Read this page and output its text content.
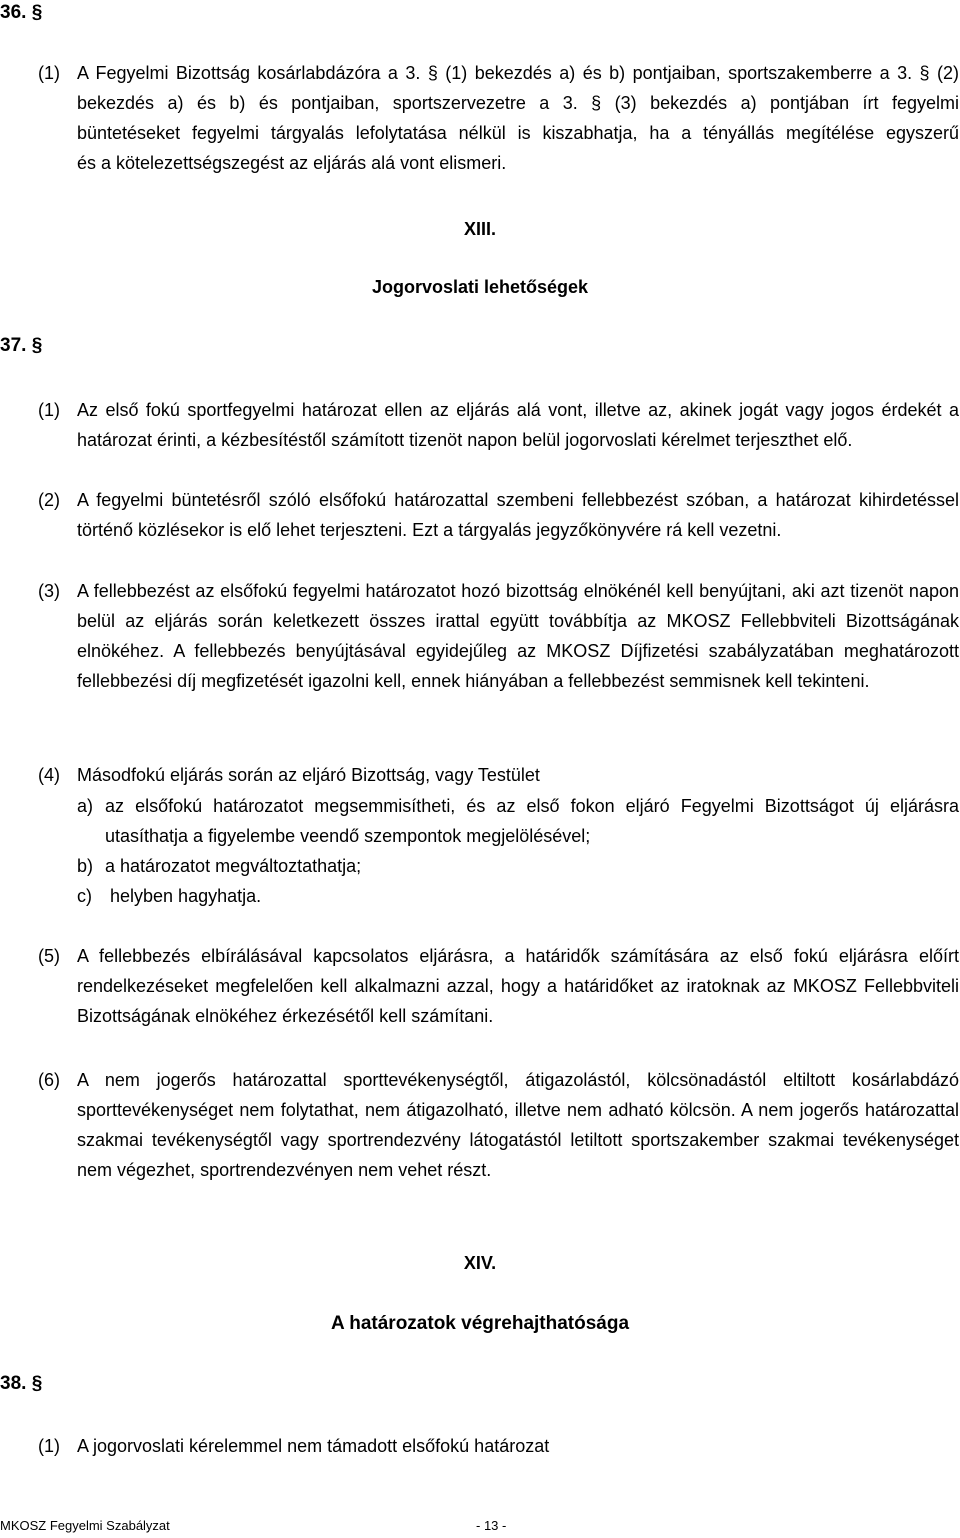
36. §
(1) A Fegyelmi Bizottság kosárlabdázóra a 3. § (1) bekezdés a) és b) pontjaiban, sportszakemberre a 3. § (2)
bekezdés a) és b) és pontjaiban, sportszervezetre a 3. § (3) bekezdés a) pontjában írt fegyelmi
büntetéseket fegyelmi tárgyalás lefolytatása nélkül is kiszabhatja, ha a tényállás megítélése egyszerű
és a kötelezettségszegést az eljárás alá vont elismeri.
XIII.
Jogorvoslati lehetőségek
37. §
(1) Az első fokú sportfegyelmi határozat ellen az eljárás alá vont, illetve az, akinek jogát vagy jogos érdekét a határozat érinti, a kézbesítéstől számított tizenöt napon belül jogorvoslati kérelmet terjeszthet elő.
(2) A fegyelmi büntetésről szóló elsőfokú határozattal szembeni fellebbezést szóban, a határozat kihirdetéssel történő közlésekor is elő lehet terjeszteni. Ezt a tárgyalás jegyzőkönyvére rá kell vezetni.
(3) A fellebbezést az elsőfokú fegyelmi határozatot hozó bizottság elnökénél kell benyújtani, aki azt tizenöt napon belül az eljárás során keletkezett összes irattal együtt továbbítja az MKOSZ Fellebbviteli Bizottságának elnökéhez. A fellebbezés benyújtásával egyidejűleg az MKOSZ Díjfizetési szabályzatában meghatározott fellebbezési díj megfizetését igazolni kell, ennek hiányában a fellebbezést semmisnek kell tekinteni.
(4) Másodfokú eljárás során az eljáró Bizottság, vagy Testület
a) az elsőfokú határozatot megsemmisítheti, és az első fokon eljáró Fegyelmi Bizottságot új eljárásra utasíthatja a figyelembe veendő szempontok megjelölésével;
b) a határozatot megváltoztathatja;
c) helyben hagyhatja.
(5) A fellebbezés elbírálásával kapcsolatos eljárásra, a határidők számítására az első fokú eljárásra előírt rendelkezéseket megfelelően kell alkalmazni azzal, hogy a határidőket az iratoknak az MKOSZ Fellebbviteli Bizottságának elnökéhez érkezésétől kell számítani.
(6) A nem jogerős határozattal sporttevékenységtől, átigazolástól, kölcsönadástól eltiltott kosárlabdázó sporttevékenységet nem folytathat, nem átigazolható, illetve nem adható kölcsön. A nem jogerős határozattal szakmai tevékenységtől vagy sportrendezvény látogatástól letiltott sportszakember szakmai tevékenységet nem végezhet, sportrendezvényen nem vehet részt.
XIV.
A határozatok végrehajthatósága
38. §
(1) A jogorvoslati kérelemmel nem támadott elsőfokú határozat
MKOSZ Fegyelmi Szabályzat	- 13 -
